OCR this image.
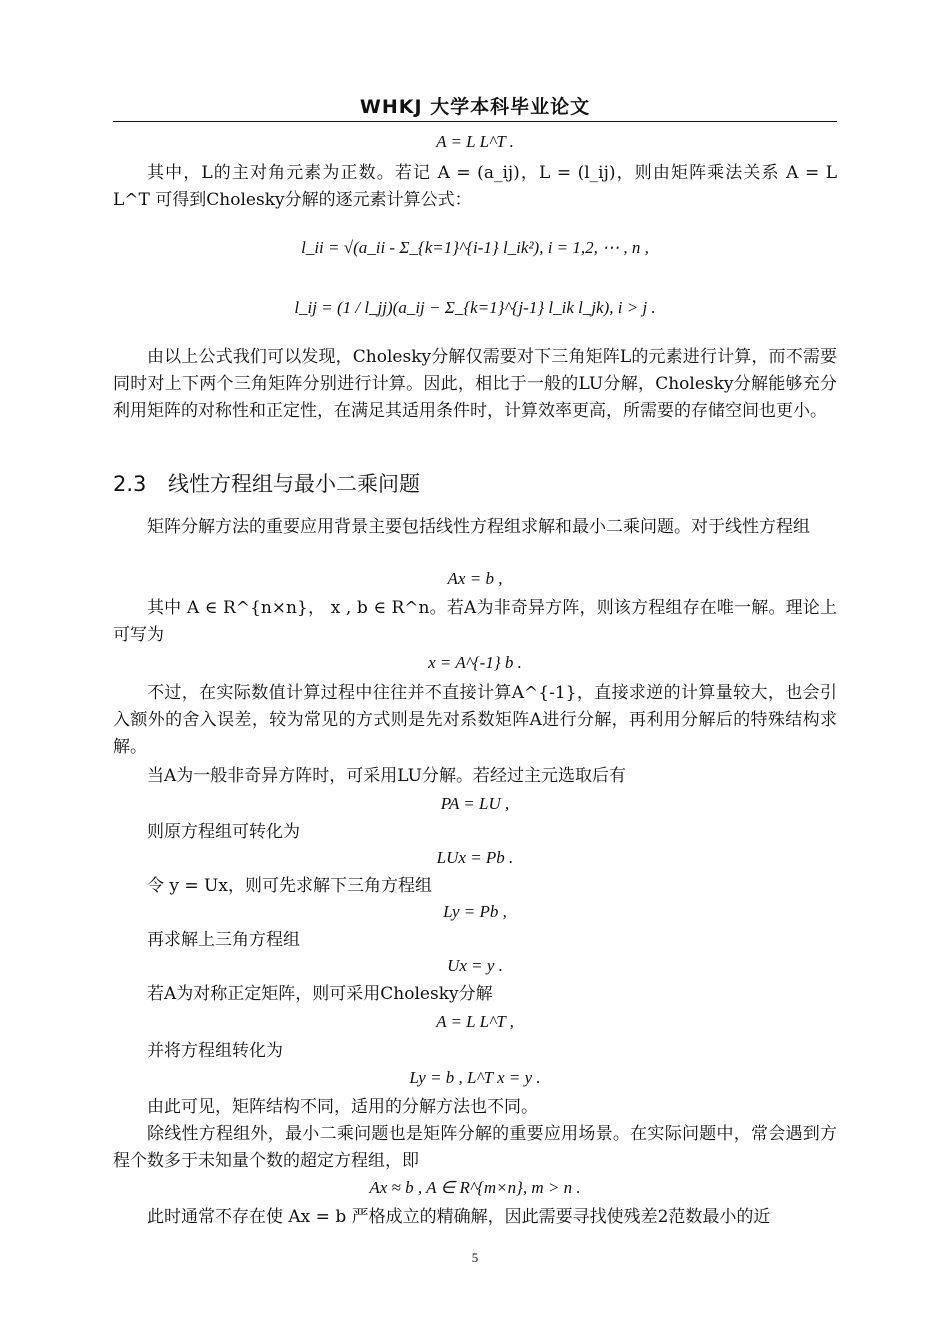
WHKJ 大学本科毕业论文
A = L L^T .
其中，L的主对角元素为正数。若记 A = (a_ij)，L = (l_ij)，则由矩阵乘法关系 A = L L^T 可得到Cholesky分解的逐元素计算公式：
l_ii = √(a_ii - Σ_{k=1}^{i-1} l_ik²), i = 1,2, ⋯ , n ,
l_ij = (1 / l_jj)(a_ij − Σ_{k=1}^{j-1} l_ik l_jk), i > j .
由以上公式我们可以发现，Cholesky分解仅需要对下三角矩阵L的元素进行计算，而不需要同时对上下两个三角矩阵分别进行计算。因此，相比于一般的LU分解，Cholesky分解能够充分利用矩阵的对称性和正定性，在满足其适用条件时，计算效率更高，所需要的存储空间也更小。
2.3 线性方程组与最小二乘问题
矩阵分解方法的重要应用背景主要包括线性方程组求解和最小二乘问题。对于线性方程组
Ax = b ,
其中 A ∈ R^{n×n}， x , b ∈ R^n。若A为非奇异方阵，则该方程组存在唯一解。理论上可写为
x = A^{-1} b .
不过，在实际数值计算过程中往往并不直接计算A^{-1}，直接求逆的计算量较大，也会引入额外的舍入误差，较为常见的方式则是先对系数矩阵A进行分解，再利用分解后的特殊结构求解。
当A为一般非奇异方阵时，可采用LU分解。若经过主元选取后有
PA = LU ,
则原方程组可转化为
LUx = Pb .
令 y = Ux，则可先求解下三角方程组
Ly = Pb ,
再求解上三角方程组
Ux = y .
若A为对称正定矩阵，则可采用Cholesky分解
A = L L^T ,
并将方程组转化为
Ly = b , L^T x = y .
由此可见，矩阵结构不同，适用的分解方法也不同。
除线性方程组外，最小二乘问题也是矩阵分解的重要应用场景。在实际问题中，常会遇到方程个数多于未知量个数的超定方程组，即
Ax ≈ b , A ∈ R^{m×n}, m > n .
此时通常不存在使 Ax = b 严格成立的精确解，因此需要寻找使残差2范数最小的近
5
